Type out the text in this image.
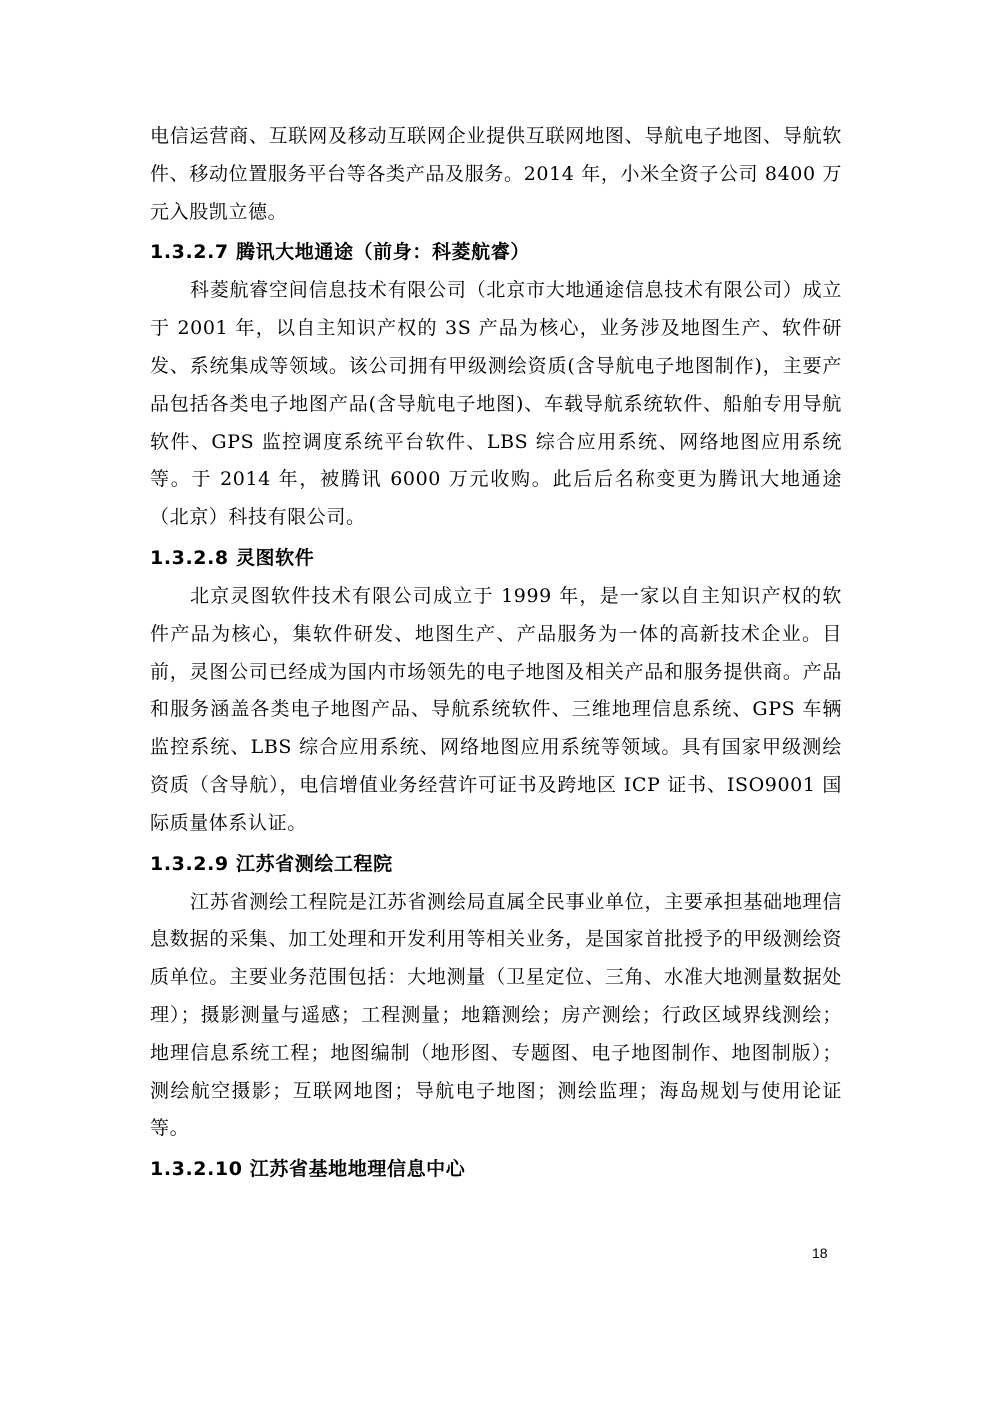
电信运营商、互联网及移动互联网企业提供互联网地图、导航电子地图、导航软件、移动位置服务平台等各类产品及服务。2014 年，小米全资子公司 8400 万元入股凯立德。

1.3.2.7 腾讯大地通途（前身：科菱航睿）

科菱航睿空间信息技术有限公司（北京市大地通途信息技术有限公司）成立于 2001 年，以自主知识产权的 3S 产品为核心，业务涉及地图生产、软件研发、系统集成等领域。该公司拥有甲级测绘资质(含导航电子地图制作)，主要产品包括各类电子地图产品(含导航电子地图)、车载导航系统软件、船舶专用导航软件、GPS 监控调度系统平台软件、LBS 综合应用系统、网络地图应用系统等。于 2014 年，被腾讯 6000 万元收购。此后后名称变更为腾讯大地通途（北京）科技有限公司。

1.3.2.8 灵图软件

北京灵图软件技术有限公司成立于 1999 年，是一家以自主知识产权的软件产品为核心，集软件研发、地图生产、产品服务为一体的高新技术企业。目前，灵图公司已经成为国内市场领先的电子地图及相关产品和服务提供商。产品和服务涵盖各类电子地图产品、导航系统软件、三维地理信息系统、GPS 车辆监控系统、LBS 综合应用系统、网络地图应用系统等领域。具有国家甲级测绘资质（含导航），电信增值业务经营许可证书及跨地区 ICP 证书、ISO9001 国际质量体系认证。

1.3.2.9 江苏省测绘工程院

江苏省测绘工程院是江苏省测绘局直属全民事业单位，主要承担基础地理信息数据的采集、加工处理和开发利用等相关业务，是国家首批授予的甲级测绘资质单位。主要业务范围包括：大地测量（卫星定位、三角、水准大地测量数据处理）；摄影测量与遥感；工程测量；地籍测绘；房产测绘；行政区域界线测绘；地理信息系统工程；地图编制（地形图、专题图、电子地图制作、地图制版）；测绘航空摄影；互联网地图；导航电子地图；测绘监理；海岛规划与使用论证等。

1.3.2.10 江苏省基地地理信息中心
18
